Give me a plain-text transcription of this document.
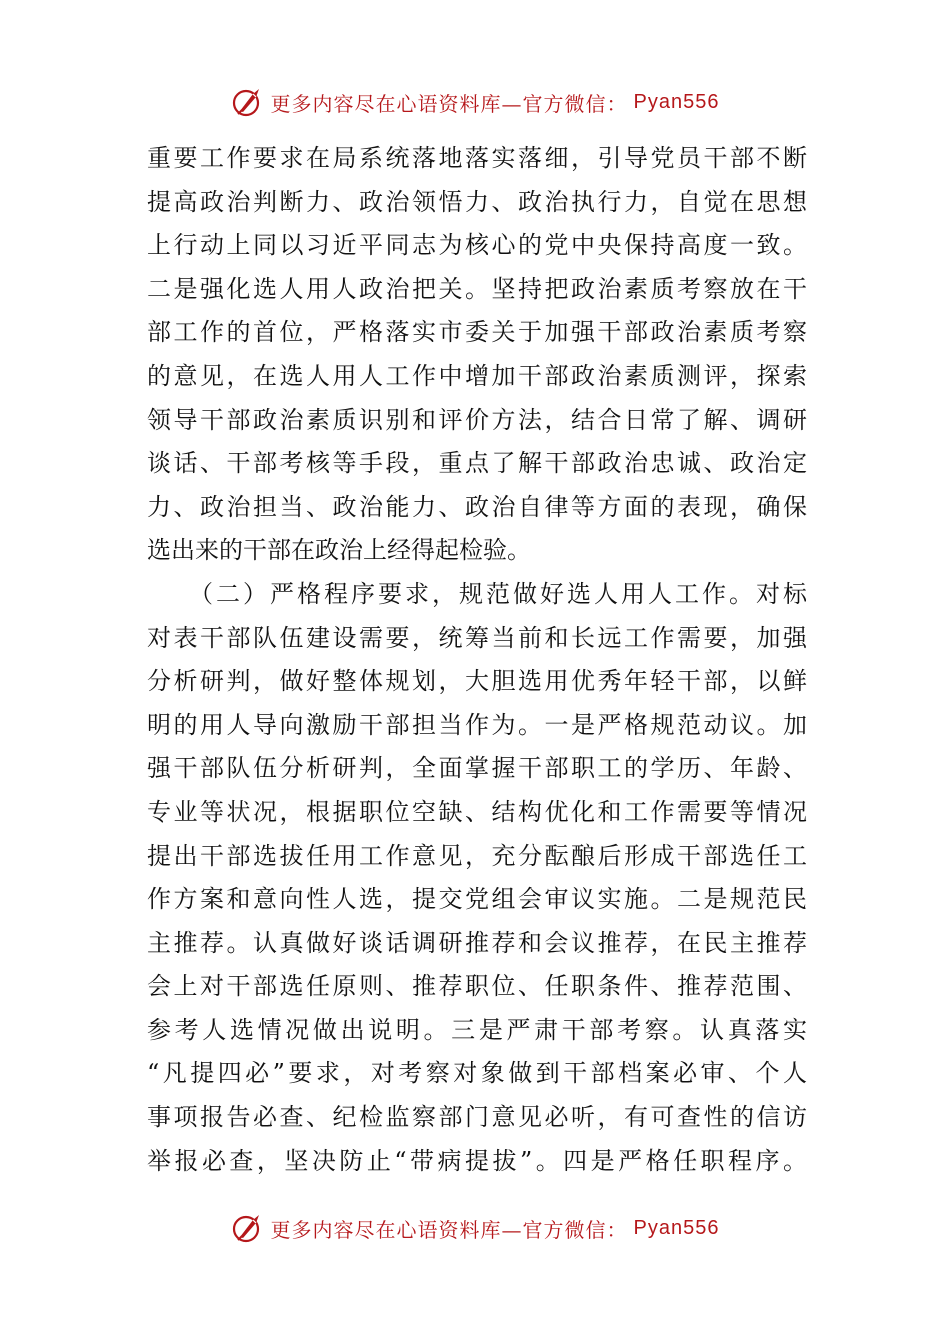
更多内容尽在心语资料库—官方微信： Pyan556
重要工作要求在局系统落地落实落细，引导党员干部不断
提高政治判断力、政治领悟力、政治执行力，自觉在思想
上行动上同以习近平同志为核心的党中央保持高度一致。
二是强化选人用人政治把关。坚持把政治素质考察放在干
部工作的首位，严格落实市委关于加强干部政治素质考察
的意见，在选人用人工作中增加干部政治素质测评，探索
领导干部政治素质识别和评价方法，结合日常了解、调研
谈话、干部考核等手段，重点了解干部政治忠诚、政治定
力、政治担当、政治能力、政治自律等方面的表现，确保
选出来的干部在政治上经得起检验。
　　（二）严格程序要求，规范做好选人用人工作。对标
对表干部队伍建设需要，统筹当前和长远工作需要，加强
分析研判，做好整体规划，大胆选用优秀年轻干部，以鲜
明的用人导向激励干部担当作为。一是严格规范动议。加
强干部队伍分析研判，全面掌握干部职工的学历、年龄、
专业等状况，根据职位空缺、结构优化和工作需要等情况
提出干部选拔任用工作意见，充分酝酿后形成干部选任工
作方案和意向性人选，提交党组会审议实施。二是规范民
主推荐。认真做好谈话调研推荐和会议推荐，在民主推荐
会上对干部选任原则、推荐职位、任职条件、推荐范围、
参考人选情况做出说明。三是严肃干部考察。认真落实
“凡提四必”要求，对考察对象做到干部档案必审、个人
事项报告必查、纪检监察部门意见必听，有可查性的信访
举报必查，坚决防止“带病提拔”。四是严格任职程序。
更多内容尽在心语资料库—官方微信： Pyan556
